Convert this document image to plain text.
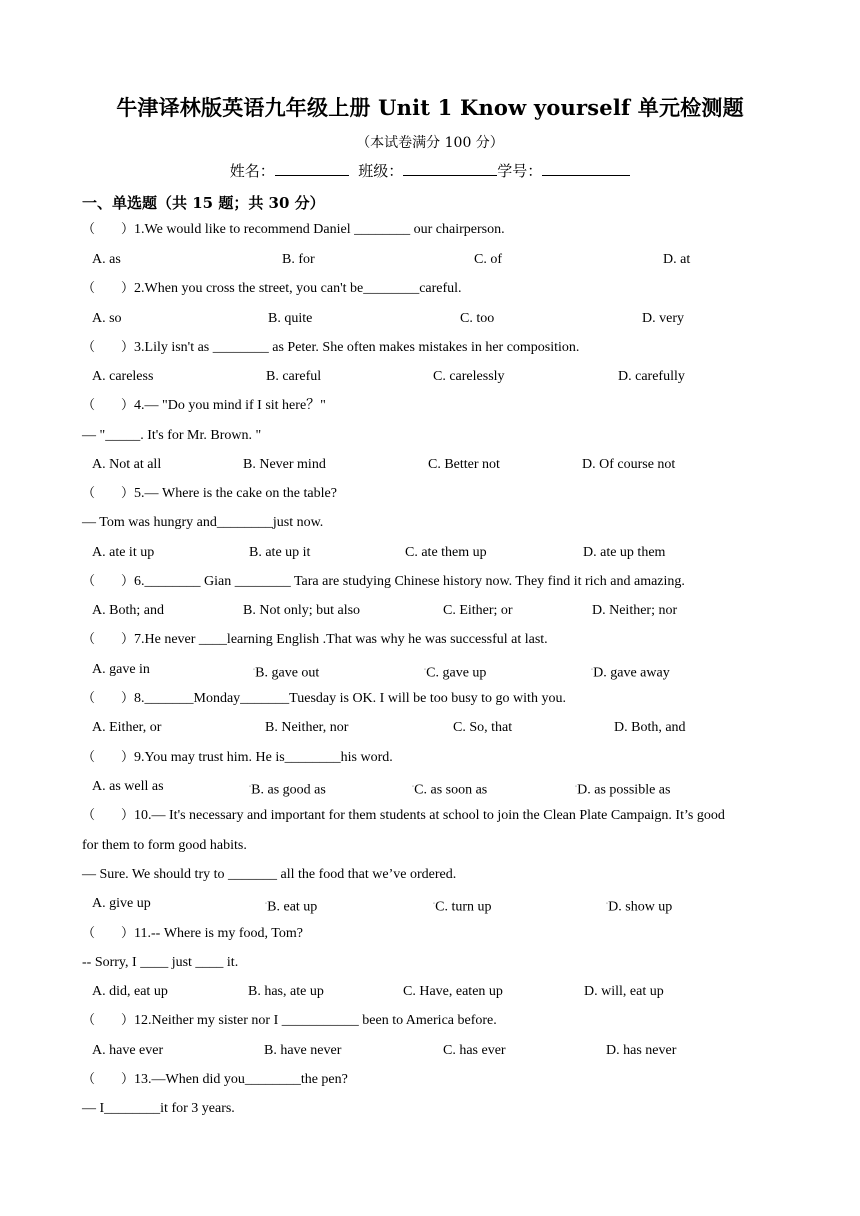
牛津译林版英语九年级上册 Unit 1 Know yourself 单元检测题
（本试卷满分 100 分）
姓名：	班级：	学号：
一、单选题（共 15 题；共 30 分）
（　　）1.We would like to recommend Daniel ________ our chairperson.
A. as	B. for	C. of	D. at
（　　）2.When you cross the street, you can't be________careful.
A. so	B. quite	C. too	D. very
（　　）3.Lily isn't as ________ as Peter. She often makes mistakes in her composition.
A. careless	B. careful	C. carelessly	D. carefully
（　　）4.— "Do you mind if I sit here？"
— "_____. It's for Mr. Brown. "
A. Not at all	B. Never mind	C. Better not	D. Of course not
（　　）5.— Where is the cake on the table?
— Tom was hungry and________just now.
A. ate it up	B. ate up it	C. ate them up	D. ate up them
（　　）6.________ Gian ________ Tara are studying Chinese history now. They find it rich and amazing.
A. Both; and	B. Not only; but also	C. Either; or	D. Neither; nor
（　　）7.He never ____learning English .That was why he was successful at last.
A. gave in	◦B. gave out	◦C. gave up	◦D. gave away
（　　）8._______Monday_______Tuesday is OK. I will be too busy to go with you.
A. Either, or	B. Neither, nor	C. So, that	D. Both, and
（　　）9.You may trust him. He is________his word.
A. as well as	◦B. as good as	◦C. as soon as	◦D. as possible as
（　　）10.— It's necessary and important for them students at school to join the Clean Plate Campaign. It’s good
for them to form good habits.
— Sure. We should try to _______ all the food that we’ve ordered.
A. give up	◦B. eat up	◦C. turn up	◦D. show up
（　　）11.-- Where is my food, Tom?
-- Sorry, I ____ just ____ it.
A. did, eat up	B. has, ate up	C. Have, eaten up	D. will, eat up
（　　）12.Neither my sister nor I ___________ been to America before.
A. have ever	B. have never	C. has ever	D. has never
（　　）13.—When did you________the pen?
— I________it for 3 years.
